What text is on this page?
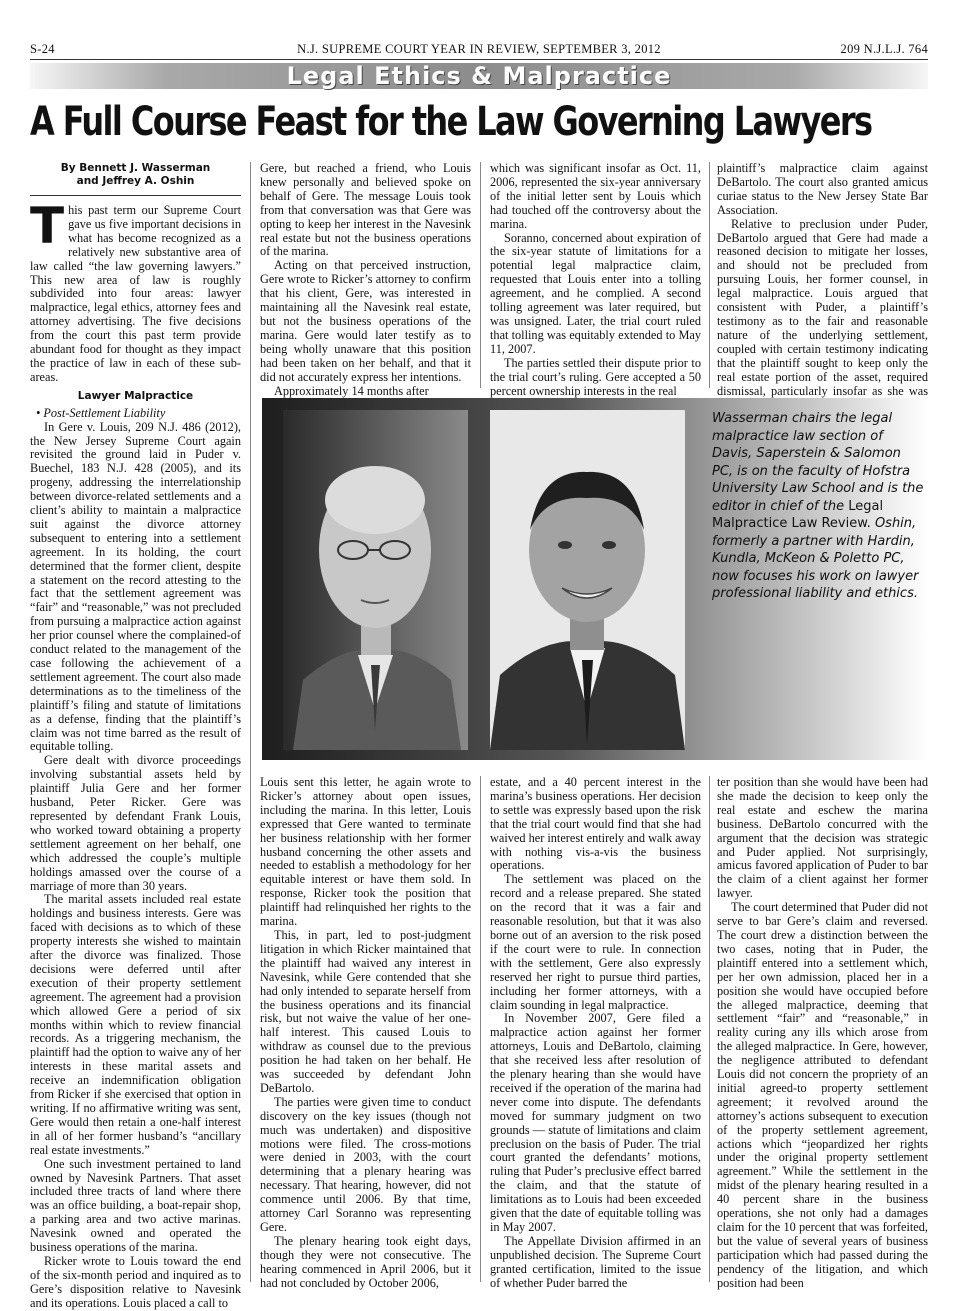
S-24	N.J. SUPREME COURT YEAR IN REVIEW, SEPTEMBER 3, 2012	209 N.J.L.J. 764
Legal Ethics & Malpractice
A Full Course Feast for the Law Governing Lawyers
By Bennett J. Wasserman
and Jeffrey A. Oshin

This past term our Supreme Court gave us five important decisions in what has become recognized as a relatively new substantive area of law called “the law governing lawyers.” This new area of law is roughly subdivided into four areas: lawyer malpractice, legal ethics, attorney fees and attorney advertising. The five decisions from the court this past term provide abundant food for thought as they impact the practice of law in each of these sub-areas.

Lawyer Malpractice

• Post-Settlement Liability

In Gere v. Louis, 209 N.J. 486 (2012), the New Jersey Supreme Court again revisited the ground laid in Puder v. Buechel, 183 N.J. 428 (2005), and its progeny, addressing the interrelationship between divorce-related settlements and a client’s ability to maintain a malpractice suit against the divorce attorney subsequent to entering into a settlement agreement. In its holding, the court determined that the former client, despite a statement on the record attesting to the fact that the settlement agreement was “fair” and “reasonable,” was not precluded from pursuing a malpractice action against her prior counsel where the complained-of conduct related to the management of the case following the achievement of a settlement agreement. The court also made determinations as to the timeliness of the plaintiff’s filing and statute of limitations as a defense, finding that the plaintiff’s claim was not time barred as the result of equitable tolling.

Gere dealt with divorce proceedings involving substantial assets held by plaintiff Julia Gere and her former husband, Peter Ricker. Gere was represented by defendant Frank Louis, who worked toward obtaining a property settlement agreement on her behalf, one which addressed the couple’s multiple holdings amassed over the course of a marriage of more than 30 years.

The marital assets included real estate holdings and business interests. Gere was faced with decisions as to which of these property interests she wished to maintain after the divorce was finalized. Those decisions were deferred until after execution of their property settlement agreement. The agreement had a provision which allowed Gere a period of six months within which to review financial records. As a triggering mechanism, the plaintiff had the option to waive any of her interests in these marital assets and receive an indemnification obligation from Ricker if she exercised that option in writing. If no affirmative writing was sent, Gere would then retain a one-half interest in all of her former husband’s “ancillary real estate investments.”

One such investment pertained to land owned by Navesink Partners. That asset included three tracts of land where there was an office building, a boat-repair shop, a parking area and two active marinas. Navesink owned and operated the business operations of the marina.

Ricker wrote to Louis toward the end of the six-month period and inquired as to Gere’s disposition relative to Navesink and its operations. Louis placed a call to

Gere, but reached a friend, who Louis knew personally and believed spoke on behalf of Gere. The message Louis took from that conversation was that Gere was opting to keep her interest in the Navesink real estate but not the business operations of the marina.

Acting on that perceived instruction, Gere wrote to Ricker’s attorney to confirm that his client, Gere, was interested in maintaining all the Navesink real estate, but not the business operations of the marina. Gere would later testify as to being wholly unaware that this position had been taken on her behalf, and that it did not accurately express her intentions.

Approximately 14 months after

which was significant insofar as Oct. 11, 2006, represented the six-year anniversary of the initial letter sent by Louis which had touched off the controversy about the marina.

Soranno, concerned about expiration of the six-year statute of limitations for a potential legal malpractice claim, requested that Louis enter into a tolling agreement, and he complied. A second tolling agreement was later required, but was unsigned. Later, the trial court ruled that tolling was equitably extended to May 11, 2007.

The parties settled their dispute prior to the trial court’s ruling. Gere accepted a 50 percent ownership interests in the real

plaintiff’s malpractice claim against DeBartolo. The court also granted amicus curiae status to the New Jersey State Bar Association.

Relative to preclusion under Puder, DeBartolo argued that Gere had made a reasoned decision to mitigate her losses, and should not be precluded from pursuing Louis, her former counsel, in legal malpractice. Louis argued that consistent with Puder, a plaintiff’s testimony as to the fair and reasonable nature of the underlying settlement, coupled with certain testimony indicating that the plaintiff sought to keep only the real estate portion of the asset, required dismissal, particularly insofar as she was

Wasserman chairs the legal malpractice law section of Davis, Saperstein & Salomon PC, is on the faculty of Hofstra University Law School and is the editor in chief of the Legal Malpractice Law Review. Oshin, formerly a partner with Hardin, Kundla, McKeon & Poletto PC, now focuses his work on lawyer professional liability and ethics.

Louis sent this letter, he again wrote to Ricker’s attorney about open issues, including the marina. In this letter, Louis expressed that Gere wanted to terminate her business relationship with her former husband concerning the other assets and needed to establish a methodology for her equitable interest or have them sold. In response, Ricker took the position that plaintiff had relinquished her rights to the marina.

This, in part, led to post-judgment litigation in which Ricker maintained that the plaintiff had waived any interest in Navesink, while Gere contended that she had only intended to separate herself from the business operations and its financial risk, but not waive the value of her one-half interest. This caused Louis to withdraw as counsel due to the previous position he had taken on her behalf. He was succeeded by defendant John DeBartolo.

The parties were given time to conduct discovery on the key issues (though not much was undertaken) and dispositive motions were filed. The cross-motions were denied in 2003, with the court determining that a plenary hearing was necessary. That hearing, however, did not commence until 2006. By that time, attorney Carl Soranno was representing Gere.

The plenary hearing took eight days, though they were not consecutive. The hearing commenced in April 2006, but it had not concluded by October 2006,

estate, and a 40 percent interest in the marina’s business operations. Her decision to settle was expressly based upon the risk that the trial court would find that she had waived her interest entirely and walk away with nothing vis-a-vis the business operations.

The settlement was placed on the record and a release prepared. She stated on the record that it was a fair and reasonable resolution, but that it was also borne out of an aversion to the risk posed if the court were to rule. In connection with the settlement, Gere also expressly reserved her right to pursue third parties, including her former attorneys, with a claim sounding in legal malpractice.

In November 2007, Gere filed a malpractice action against her former attorneys, Louis and DeBartolo, claiming that she received less after resolution of the plenary hearing than she would have received if the operation of the marina had never come into dispute. The defendants moved for summary judgment on two grounds — statute of limitations and claim preclusion on the basis of Puder. The trial court granted the defendants’ motions, ruling that Puder’s preclusive effect barred the claim, and that the statute of limitations as to Louis had been exceeded given that the date of equitable tolling was in May 2007.

The Appellate Division affirmed in an unpublished decision. The Supreme Court granted certification, limited to the issue of whether Puder barred the

ter position than she would have been had she made the decision to keep only the real estate and eschew the marina business. DeBartolo concurred with the argument that the decision was strategic and Puder applied. Not surprisingly, amicus favored application of Puder to bar the claim of a client against her former lawyer.

The court determined that Puder did not serve to bar Gere’s claim and reversed. The court drew a distinction between the two cases, noting that in Puder, the plaintiff entered into a settlement which, per her own admission, placed her in a position she would have occupied before the alleged malpractice, deeming that settlement “fair” and “reasonable,” in reality curing any ills which arose from the alleged malpractice. In Gere, however, the negligence attributed to defendant Louis did not concern the propriety of an initial agreed-to property settlement agreement; it revolved around the attorney’s actions subsequent to execution of the property settlement agreement, actions which “jeopardized her rights under the original property settlement agreement.” While the settlement in the midst of the plenary hearing resulted in a 40 percent share in the business operations, she not only had a damages claim for the 10 percent that was forfeited, but the value of several years of business participation which had passed during the pendency of the litigation, and which position had been
